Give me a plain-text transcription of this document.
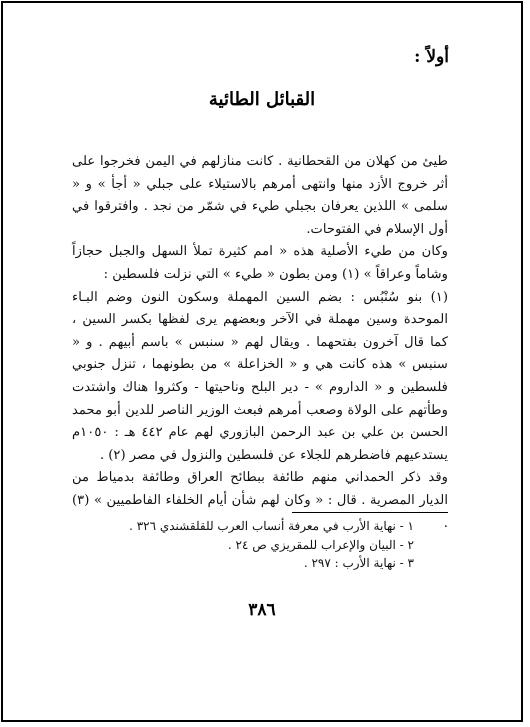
أولاً :
القبائل الطائية

طيئ من كهلان من القحطانية . كانت منازلهم في اليمن فخرجوا على أثر خروج الأزد منها وانتهى أمرهم بالاستيلاء على جبلي « أجأ » و « سلمى » اللذين يعرفان بجبلي طيء في شمّر من نجد . وافترقوا في أول الإسلام في الفتوحات.

وكان من طيء الأصلية هذه « امم كثيرة تملأ السهل والجبل حجازاً وشاماً وعراقاً » (١) ومن بطون « طيء » التي نزلت فلسطين :

(١) بنو سُنْبُس : بضم السين المهملة وسكون النون وضم البـاء الموحدة وسين مهملة في الآخر وبعضهم يرى لفظها بكسر السين ، كما قال آخرون بفتحهما . ويقال لهم « سنبس » باسم أبيهم . و « سنبس » هذه كانت هي و « الخزاعلة » من بطونهما ، تنزل جنوبي فلسطين و « الداروم » - دير البلح وناحيتها - وكثروا هناك واشتدت وطأتهم على الولاة وصعب أمرهم فبعث الوزير الناصر للدين أبو محمد الحسن بن علي بن عبد الرحمن البازوري لهم عام ٤٤٢ هـ : ١٠٥٠م يستدعيهم فاضطرهم للجلاء عن فلسطين والنزول في مصر (٢) .

وقد ذكر الحمداني منهم طائفة ببطائح العراق وطائفة بدمياط من الديار المصرية . قال : « وكان لهم شأن أيام الخلفاء الفاطميين » (٣) .

١ - نهاية الأرب في معرفة أنساب العرب للقلقشندي ٣٢٦ .
٢ - البيان والإعراب للمقريزي ص ٢٤ .
٣ - نهاية الأرب : ٢٩٧ .
٣٨٦
